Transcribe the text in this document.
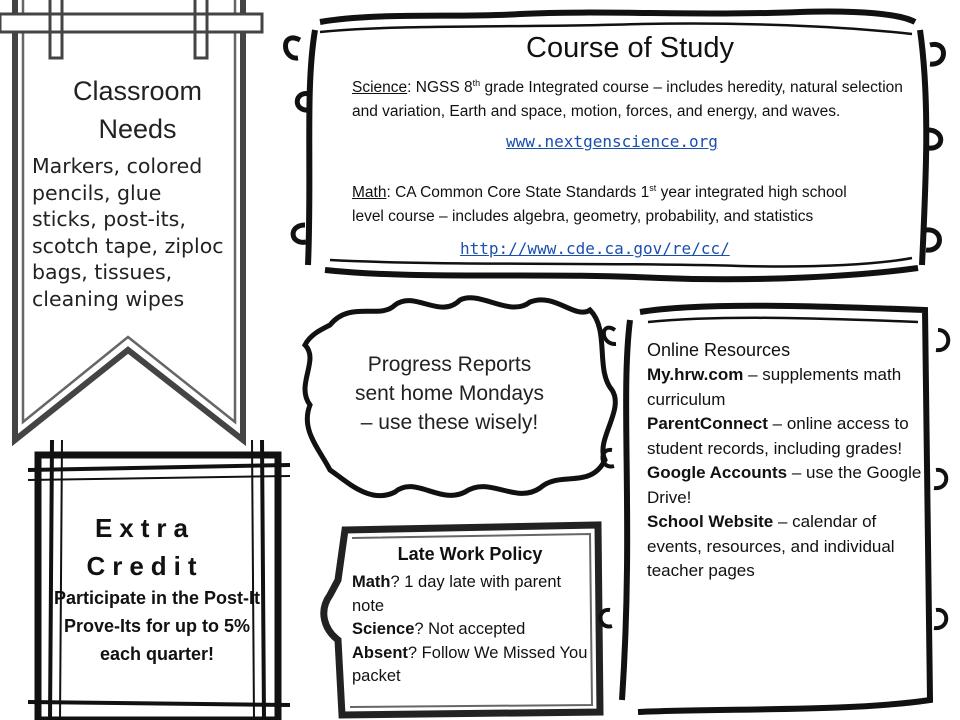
Classroom
Needs
Markers, colored pencils, glue sticks, post-its, scotch tape, ziploc bags, tissues, cleaning wipes
Course of Study
Science: NGSS 8th grade Integrated course – includes heredity, natural selection and variation, Earth and space, motion, forces, and energy, and waves.
www.nextgenscience.org
Math: CA Common Core State Standards 1st year integrated high school level course – includes algebra, geometry, probability, and statistics
http://www.cde.ca.gov/re/cc/
Progress Reports
sent home Mondays
– use these wisely!
Extra
Credit
Participate in the Post-It Prove-Its for up to 5% each quarter!
Late Work Policy
Math? 1 day late with parent note
Science? Not accepted
Absent? Follow We Missed You packet
Online Resources
My.hrw.com – supplements math curriculum
ParentConnect – online access to student records, including grades!
Google Accounts – use the Google Drive!
School Website – calendar of events, resources, and individual teacher pages
